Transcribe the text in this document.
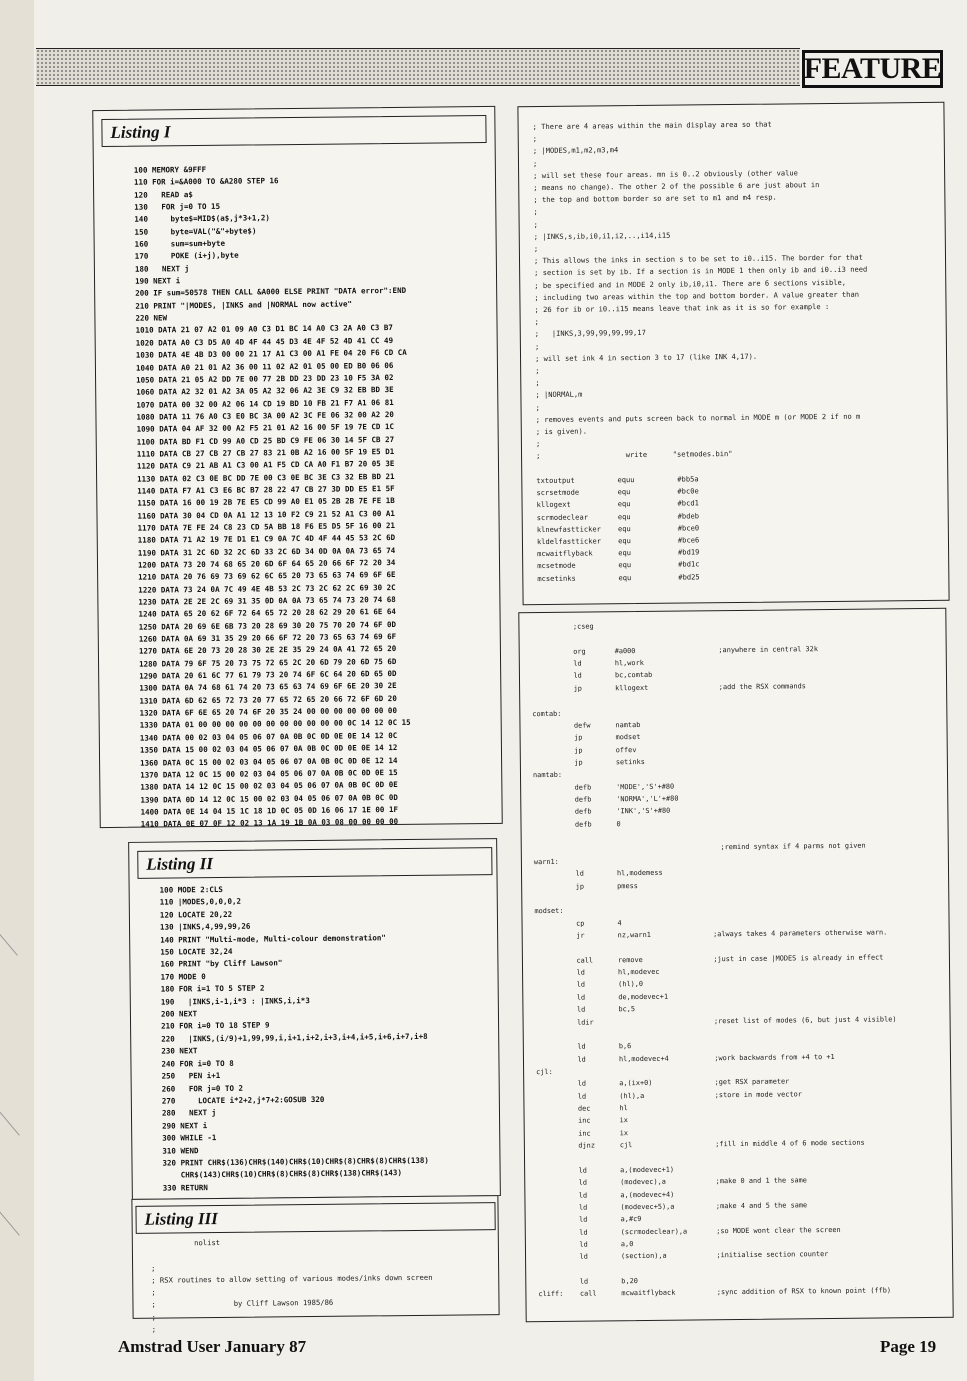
FEATURE
Listing I
100 MEMORY &9FFF
110 FOR i=&A000 TO &A280 STEP 16
120   READ a$
130   FOR j=0 TO 15
140     byte$=MID$(a$,j*3+1,2)
150     byte=VAL("&"+byte$)
160     sum=sum+byte
170     POKE (i+j),byte
180   NEXT j
190 NEXT i
200 IF sum=50578 THEN CALL &A000 ELSE PRINT "DATA error":END
210 PRINT "|MODES, |INKS and |NORMAL now active"
220 NEW
1010 DATA 21 07 A2 01 09 A0 C3 D1 BC 14 A0 C3 2A A0 C3 B7
1020 DATA A0 C3 D5 A0 4D 4F 44 45 D3 4E 4F 52 4D 41 CC 49
1030 DATA 4E 4B D3 00 00 21 17 A1 C3 00 A1 FE 04 20 F6 CD CA
1040 DATA A0 21 01 A2 36 00 11 02 A2 01 05 00 ED B0 06 06
1050 DATA 21 05 A2 DD 7E 00 77 2B DD 23 DD 23 10 F5 3A 02
1060 DATA A2 32 01 A2 3A 05 A2 32 06 A2 3E C9 32 EB BD 3E
1070 DATA 00 32 00 A2 06 14 CD 19 BD 10 FB 21 F7 A1 06 81
1080 DATA 11 76 A0 C3 E0 BC 3A 00 A2 3C FE 06 32 00 A2 20
1090 DATA 04 AF 32 00 A2 F5 21 01 A2 16 00 5F 19 7E CD 1C
1100 DATA BD F1 CD 99 A0 CD 25 BD C9 FE 06 30 14 5F CB 27
1110 DATA CB 27 CB 27 CB 27 83 21 0B A2 16 00 5F 19 E5 D1
1120 DATA C9 21 AB A1 C3 00 A1 F5 CD CA A0 F1 B7 20 05 3E
1130 DATA 02 C3 0E BC DD 7E 00 C3 0E BC 3E C3 32 EB BD 21
1140 DATA F7 A1 C3 E6 BC B7 28 22 47 CB 27 3D DD E5 E1 5F
1150 DATA 16 00 19 2B 7E E5 CD 99 A0 E1 05 2B 2B 7E FE 1B
1160 DATA 30 04 CD 0A A1 12 13 10 F2 C9 21 52 A1 C3 00 A1
1170 DATA 7E FE 24 C8 23 CD 5A BB 18 F6 E5 D5 5F 16 00 21
1180 DATA 71 A2 19 7E D1 E1 C9 0A 7C 4D 4F 44 45 53 2C 6D
1190 DATA 31 2C 6D 32 2C 6D 33 2C 6D 34 0D 0A 0A 73 65 74
1200 DATA 73 20 74 68 65 20 6D 6F 64 65 20 66 6F 72 20 34
1210 DATA 20 76 69 73 69 62 6C 65 20 73 65 63 74 69 6F 6E
1220 DATA 73 24 0A 7C 49 4E 4B 53 2C 73 2C 62 2C 69 30 2C
1230 DATA 2E 2E 2C 69 31 35 0D 0A 0A 73 65 74 73 20 74 68
1240 DATA 65 20 62 6F 72 64 65 72 20 28 62 29 20 61 6E 64
1250 DATA 20 69 6E 6B 73 20 28 69 30 20 75 70 20 74 6F 0D
1260 DATA 0A 69 31 35 29 20 66 6F 72 20 73 65 63 74 69 6F
1270 DATA 6E 20 73 20 28 30 2E 2E 35 29 24 0A 41 72 65 20
1280 DATA 79 6F 75 20 73 75 72 65 2C 20 6D 79 20 6D 75 6D
1290 DATA 20 61 6C 77 61 79 73 20 74 6F 6C 64 20 6D 65 0D
1300 DATA 0A 74 68 61 74 20 73 65 63 74 69 6F 6E 20 30 2E
1310 DATA 6D 62 65 72 73 20 77 65 72 65 20 66 72 6F 6D 20
1320 DATA 6F 6E 65 20 74 6F 20 35 24 00 00 00 00 00 00 00
1330 DATA 01 00 00 00 00 00 00 00 00 00 00 00 0C 14 12 0C 15
1340 DATA 00 02 03 04 05 06 07 0A 0B 0C 0D 0E 0E 14 12 0C
1350 DATA 15 00 02 03 04 05 06 07 0A 0B 0C 0D 0E 0E 14 12
1360 DATA 0C 15 00 02 03 04 05 06 07 0A 0B 0C 0D 0E 12 14
1370 DATA 12 0C 15 00 02 03 04 05 06 07 0A 0B 0C 0D 0E 15
1380 DATA 14 12 0C 15 00 02 03 04 05 06 07 0A 0B 0C 0D 0E
1390 DATA 0D 14 12 0C 15 00 02 03 04 05 06 07 0A 0B 0C 0D
1400 DATA 0E 14 04 15 1C 18 1D 0C 05 0D 16 06 17 1E 00 1F
1410 DATA 0E 07 0F 12 02 13 1A 19 1B 0A 03 08 00 00 00 00
Listing II
100 MODE 2:CLS
110 |MODES,0,0,0,2
120 LOCATE 20,22
130 |INKS,4,99,99,26
140 PRINT "Multi-mode, Multi-colour demonstration"
150 LOCATE 32,24
160 PRINT "by Cliff Lawson"
170 MODE 0
180 FOR i=1 TO 5 STEP 2
190   |INKS,i-1,i*3 : |INKS,i,i*3
200 NEXT
210 FOR i=0 TO 18 STEP 9
220   |INKS,(i/9)+1,99,99,i,i+1,i+2,i+3,i+4,i+5,i+6,i+7,i+8
230 NEXT
240 FOR i=0 TO 8
250   PEN i+1
260   FOR j=0 TO 2
270     LOCATE i*2+2,j*7+2:GOSUB 320
280   NEXT j
290 NEXT i
300 WHILE -1
310 WEND
320 PRINT CHR$(136)CHR$(140)CHR$(10)CHR$(8)CHR$(8)CHR$(138)
CHR$(143)CHR$(10)CHR$(8)CHR$(8)CHR$(138)CHR$(143)
330 RETURN
Listing III
nolist

;
; RSX routines to allow setting of various modes/inks down screen
;
;                  by Cliff Lawson 1985/86
;
;
; There are 4 areas within the main display area so that
;
; |MODES,m1,m2,m3,m4
;
; will set these four areas. mn is 0..2 obviously (other value
; means no change). The other 2 of the possible 6 are just about in
; the top and bottom border so are set to m1 and m4 resp.
;
;
; |INKS,s,ib,i0,i1,i2,..,i14,i15
;
; This allows the inks in section s to be set to i0..i15. The border for that
; section is set by ib. If a section is in MODE 1 then only ib and i0..i3 need
; be specified and in MODE 2 only ib,i0,i1. There are 6 sections visible,
; including two areas within the top and bottom border. A value greater than
; 26 for ib or i0..i15 means leave that ink as it is so for example :
;
;   |INKS,3,99,99,99,99,17
;
; will set ink 4 in section 3 to 17 (like INK 4,17).
;
;
; |NORMAL,m
;
; removes events and puts screen back to normal in MODE m (or MODE 2 if no m
; is given).
;
;                    write      "setmodes.bin"

txtoutput          equu          #bb5a
scrsetmode         equ           #bc0e
kllogext           equ           #bcd1
scrmodeclear       equ           #bdeb
klnewfastticker    equ           #bce0
kldelfastticker    equ           #bce6
mcwaitflyback      equ           #bd19
mcsetmode          equ           #bd1c
mcsetinks          equ           #bd25
;cseg

org       #a000                    ;anywhere in central 32k
ld        hl,work
ld        bc,comtab
jp        kllogext                 ;add the RSX commands

comtab:
defw      namtab
jp        modset
jp        offev
jp        setinks
namtab:
defb      'MODE','S'+#80
defb      'NORMA','L'+#80
defb      'INK','S'+#80
defb      0

;remind syntax if 4 parms not given
warn1:
ld        hl,modemess
jp        pmess

modset:
cp        4
jr        nz,warn1               ;always takes 4 parameters otherwise warn.

call      remove                 ;just in case |MODES is already in effect
ld        hl,modevec
ld        (hl),0
ld        de,modevec+1
ld        bc,5
ldir                             ;reset list of modes (6, but just 4 visible)

ld        b,6
ld        hl,modevec+4           ;work backwards from +4 to +1
cjl:
ld        a,(ix+0)               ;get RSX parameter
ld        (hl),a                 ;store in mode vector
dec       hl
inc       ix
inc       ix
djnz      cjl                    ;fill in middle 4 of 6 mode sections

ld        a,(modevec+1)
ld        (modevec),a            ;make 0 and 1 the same
ld        a,(modevec+4)
ld        (modevec+5),a          ;make 4 and 5 the same
ld        a,#c9
ld        (scrmodeclear),a       ;so MODE wont clear the screen
ld        a,0
ld        (section),a            ;initialise section counter

ld        b,20
cliff:    call      mcwaitflyback          ;sync addition of RSX to known point (ffb)
Amstrad User January 87	Page 19
